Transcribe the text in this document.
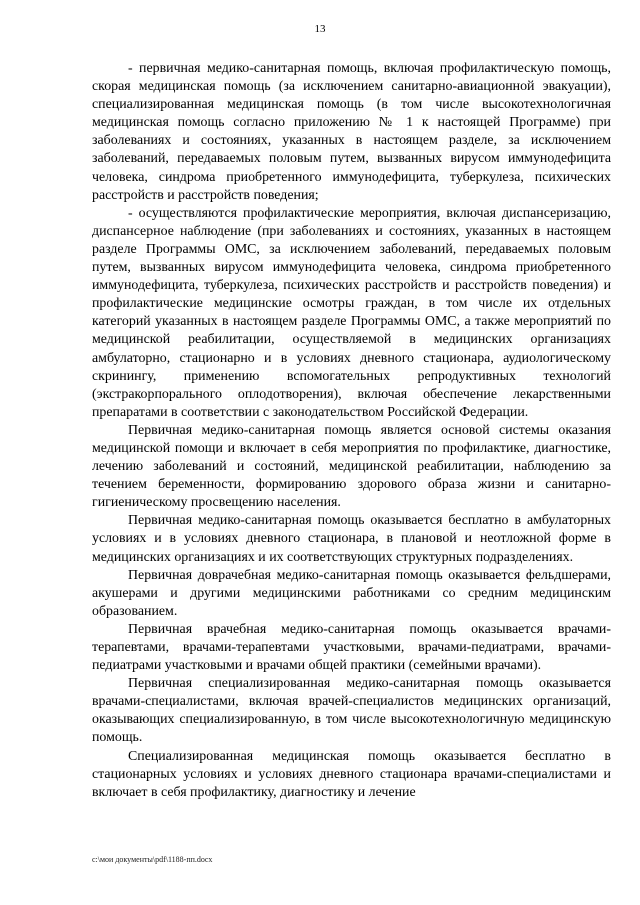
13

- первичная медико-санитарная помощь, включая профилактическую помощь, скорая медицинская помощь (за исключением санитарно-авиационной эвакуации), специализированная медицинская помощь (в том числе высокотехнологичная медицинская помощь согласно приложению № 1 к настоящей Программе) при заболеваниях и состояниях, указанных в настоящем разделе, за исключением заболеваний, передаваемых половым путем, вызванных вирусом иммунодефицита человека, синдрома приобретенного иммунодефицита, туберкулеза, психических расстройств и расстройств поведения;

- осуществляются профилактические мероприятия, включая диспансеризацию, диспансерное наблюдение (при заболеваниях и состояниях, указанных в настоящем разделе Программы ОМС, за исключением заболеваний, передаваемых половым путем, вызванных вирусом иммунодефицита человека, синдрома приобретенного иммунодефицита, туберкулеза, психических расстройств и расстройств поведения) и профилактические медицинские осмотры граждан, в том числе их отдельных категорий указанных в настоящем разделе Программы ОМС, а также мероприятий по медицинской реабилитации, осуществляемой в медицинских организациях амбулаторно, стационарно и в условиях дневного стационара, аудиологическому скринингу, применению вспомогательных репродуктивных технологий (экстракорпорального оплодотворения), включая обеспечение лекарственными препаратами в соответствии с законодательством Российской Федерации.

Первичная медико-санитарная помощь является основой системы оказания медицинской помощи и включает в себя мероприятия по профилактике, диагностике, лечению заболеваний и состояний, медицинской реабилитации, наблюдению за течением беременности, формированию здорового образа жизни и санитарно-гигиеническому просвещению населения.

Первичная медико-санитарная помощь оказывается бесплатно в амбулаторных условиях и в условиях дневного стационара, в плановой и неотложной форме в медицинских организациях и их соответствующих структурных подразделениях.

Первичная доврачебная медико-санитарная помощь оказывается фельдшерами, акушерами и другими медицинскими работниками со средним медицинским образованием.

Первичная врачебная медико-санитарная помощь оказывается врачами-терапевтами, врачами-терапевтами участковыми, врачами-педиатрами, врачами-педиатрами участковыми и врачами общей практики (семейными врачами).

Первичная специализированная медико-санитарная помощь оказывается врачами-специалистами, включая врачей-специалистов медицинских организаций, оказывающих специализированную, в том числе высокотехнологичную медицинскую помощь.

Специализированная медицинская помощь оказывается бесплатно в стационарных условиях и условиях дневного стационара врачами-специалистами и включает в себя профилактику, диагностику и лечение

c:\мои документы\pdf\1188-пп.docx
